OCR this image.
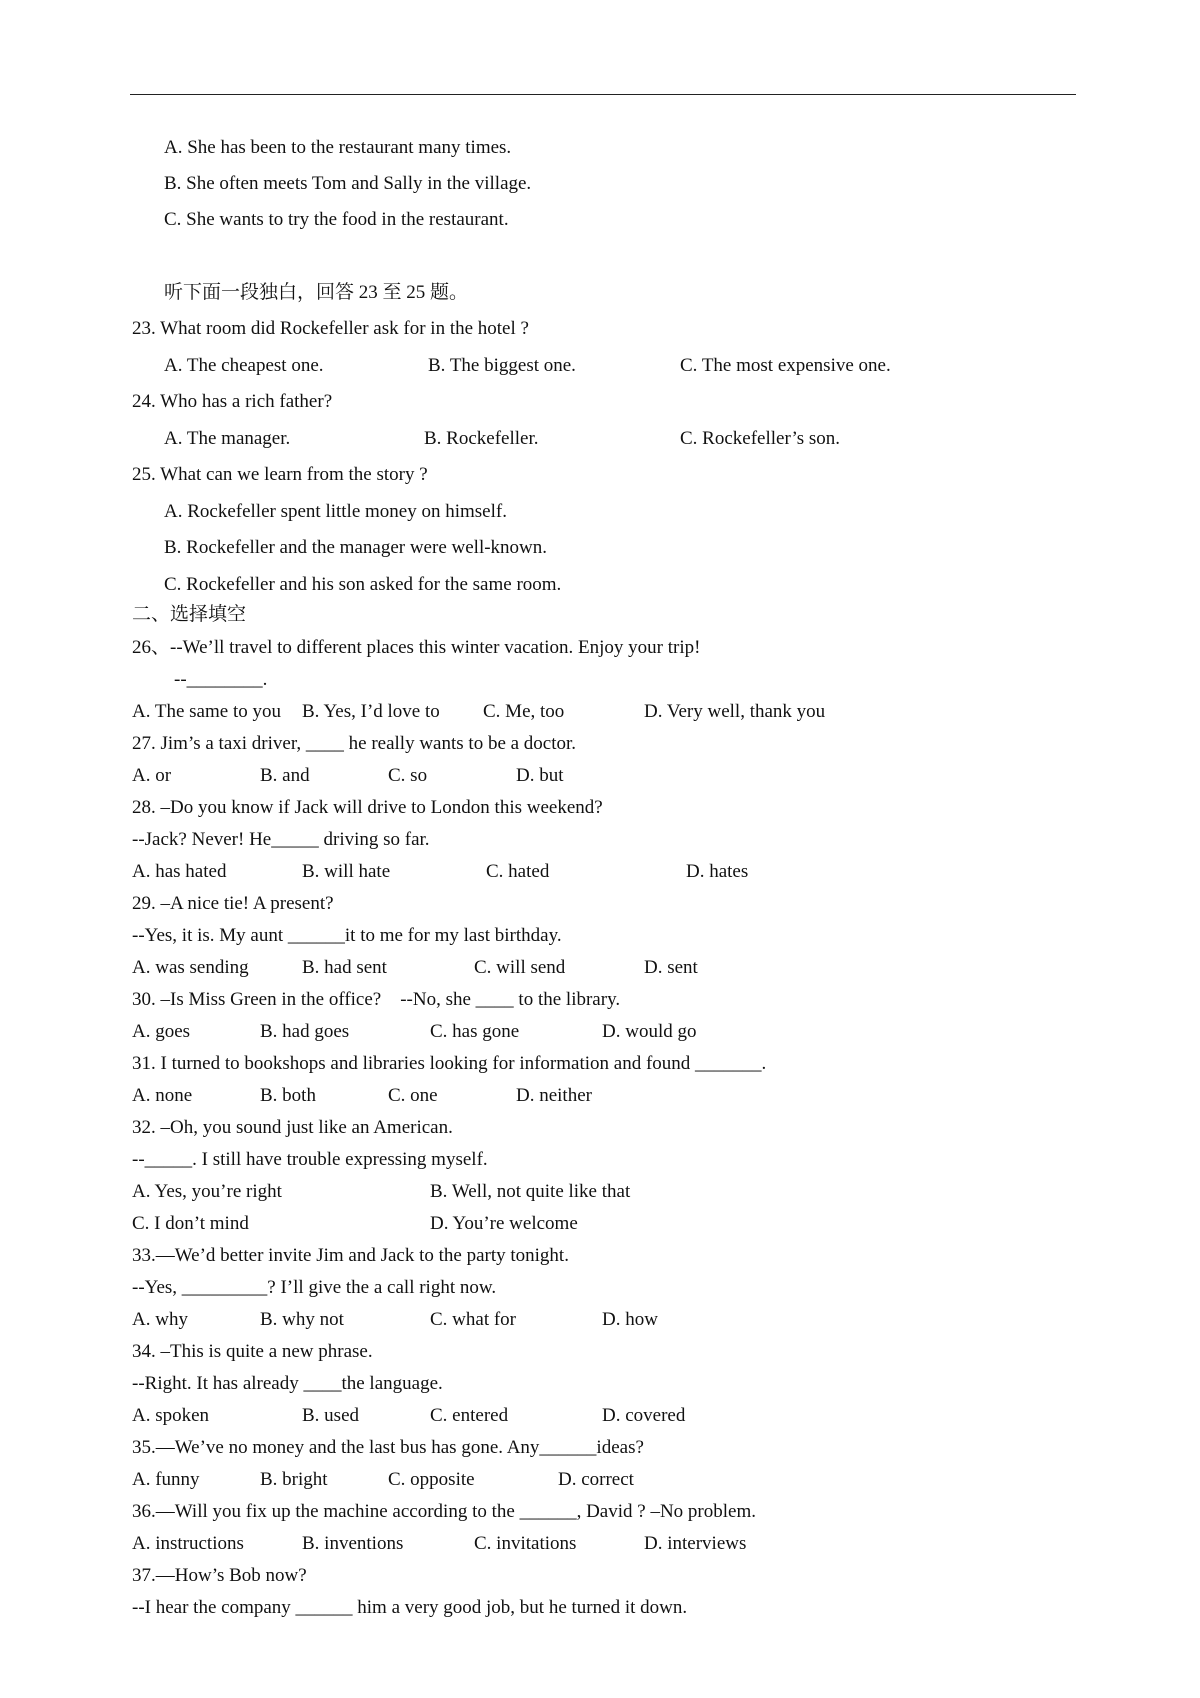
A. She has been to the restaurant many times.
B. She often meets Tom and Sally in the village.
C. She wants to try the food in the restaurant.
听下面一段独白，回答 23 至 25 题。
23. What room did Rockefeller ask for in the hotel ?
A. The cheapest one.	B. The biggest one.	C. The most expensive one.
24. Who has a rich father?
A. The manager.	B. Rockefeller.	C. Rockefeller’s son.
25. What can we learn from the story ?
A. Rockefeller spent little money on himself.
B. Rockefeller and the manager were well-known.
C. Rockefeller and his son asked for the same room.
二、选择填空
26、--We’ll travel to different places this winter vacation. Enjoy your trip!
--________.
A. The same to you B. Yes, I’d love to C. Me, too	D. Very well, thank you
27. Jim’s a taxi driver, ____ he really wants to be a doctor.
A. or	B. and	C. so	D. but
28. –Do you know if Jack will drive to London this weekend?
--Jack? Never! He_____ driving so far.
A. has hated	B. will hate	C. hated	D. hates
29. –A nice tie! A present?
--Yes, it is. My aunt ______it to me for my last birthday.
A. was sending	B. had sent	C. will send	D. sent
30. –Is Miss Green in the office?    --No, she ____ to the library.
A. goes	B. had goes	C. has gone	D. would go
31. I turned to bookshops and libraries looking for information and found _______.
A. none	B. both	C. one	D. neither
32. –Oh, you sound just like an American.
--_____. I still have trouble expressing myself.
A. Yes, you’re right	B. Well, not quite like that
C. I don’t mind	D. You’re welcome
33.—We’d better invite Jim and Jack to the party tonight.
--Yes, _________? I’ll give the a call right now.
A. why	B. why not	C. what for	D. how
34. –This is quite a new phrase.
--Right. It has already ____the language.
A. spoken	B. used	C. entered	D. covered
35.—We’ve no money and the last bus has gone. Any______ideas?
A. funny	B. bright	C. opposite	D. correct
36.—Will you fix up the machine according to the ______, David ? –No problem.
A. instructions	B. inventions	C. invitations	D. interviews
37.—How’s Bob now?
--I hear the company ______ him a very good job, but he turned it down.
